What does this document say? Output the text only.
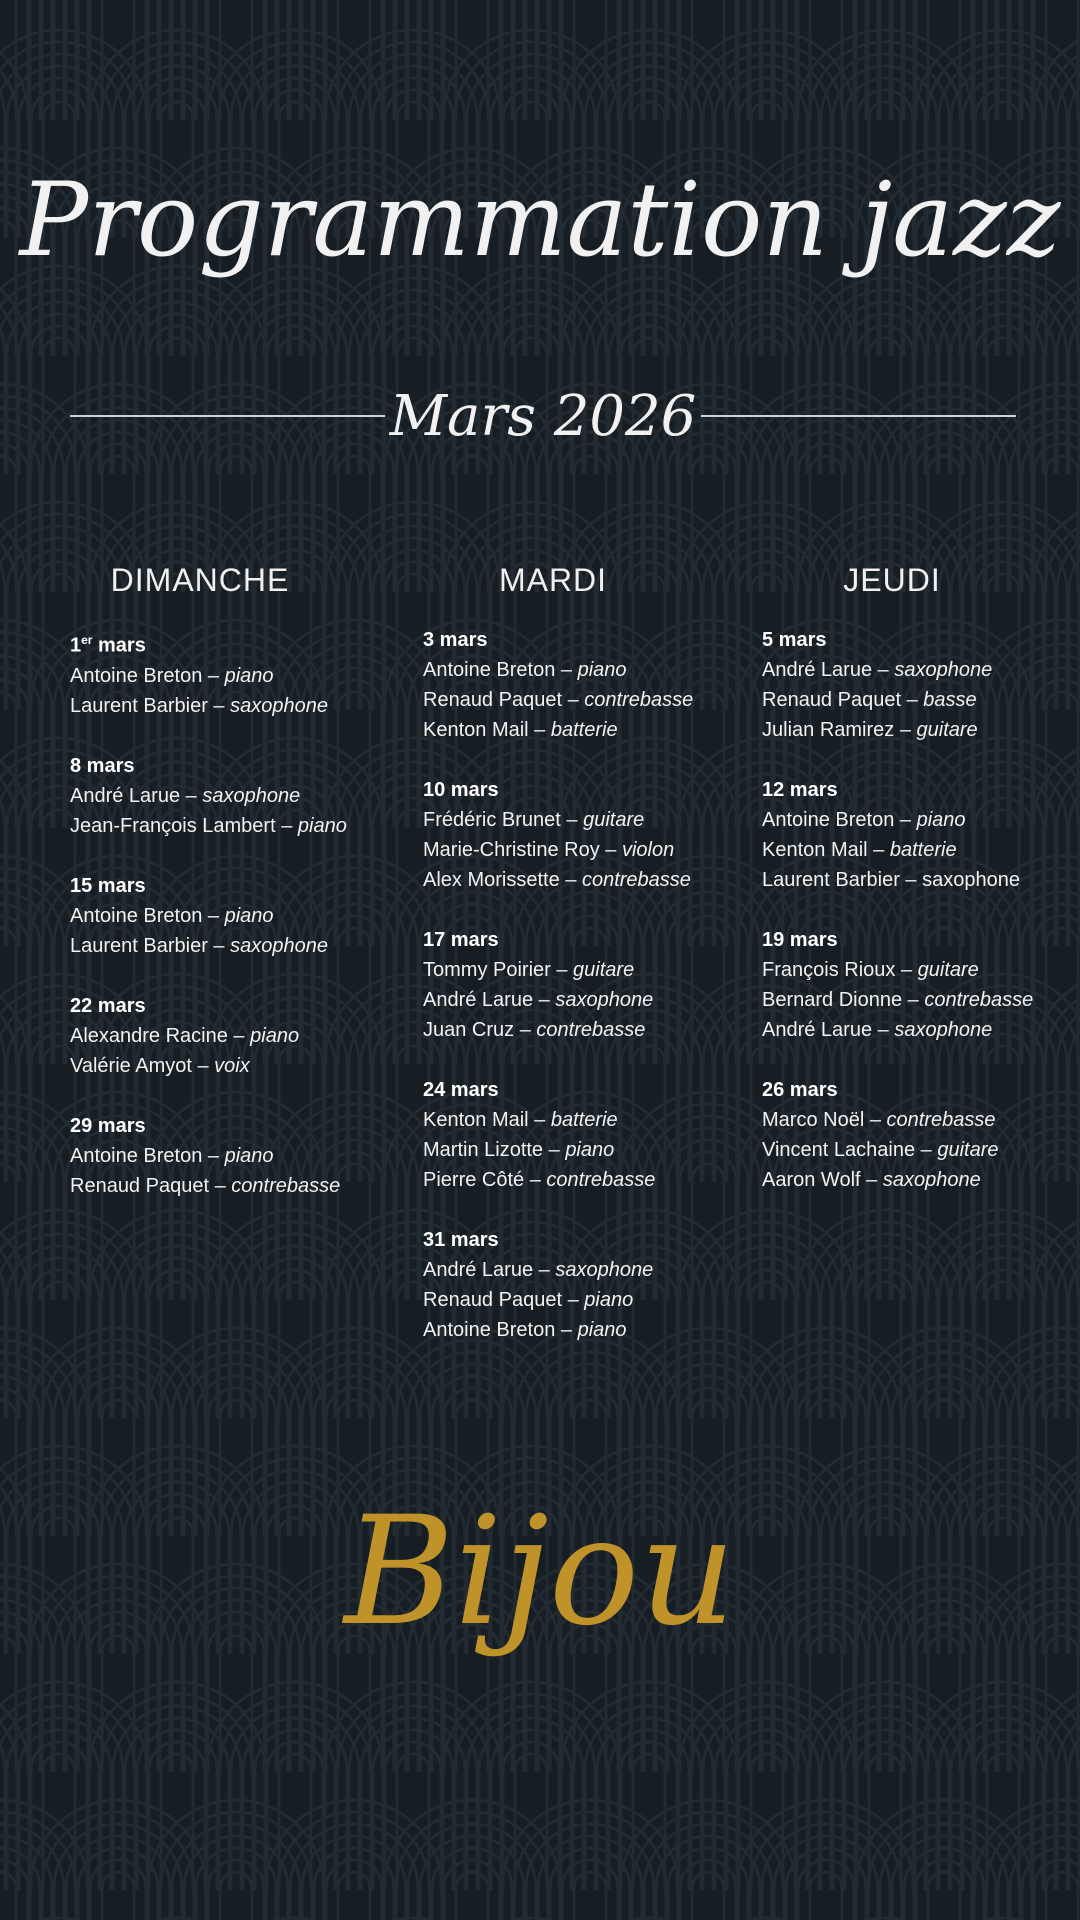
Programmation jazz
Mars 2026
DIMANCHE
1er mars
Antoine Breton – piano
Laurent Barbier – saxophone
8 mars
André Larue – saxophone
Jean-François Lambert – piano
15 mars
Antoine Breton – piano
Laurent Barbier – saxophone
22 mars
Alexandre Racine – piano
Valérie Amyot – voix
29 mars
Antoine Breton – piano
Renaud Paquet – contrebasse
MARDI
3 mars
Antoine Breton – piano
Renaud Paquet – contrebasse
Kenton Mail – batterie
10 mars
Frédéric Brunet – guitare
Marie-Christine Roy – violon
Alex Morissette – contrebasse
17 mars
Tommy Poirier – guitare
André Larue – saxophone
Juan Cruz – contrebasse
24 mars
Kenton Mail – batterie
Martin Lizotte – piano
Pierre Côté – contrebasse
31 mars
André Larue – saxophone
Renaud Paquet – piano
Antoine Breton – piano
JEUDI
5 mars
André Larue – saxophone
Renaud Paquet – basse
Julian Ramirez – guitare
12 mars
Antoine Breton – piano
Kenton Mail – batterie
Laurent Barbier – saxophone
19 mars
François Rioux – guitare
Bernard Dionne – contrebasse
André Larue – saxophone
26 mars
Marco Noël – contrebasse
Vincent Lachaine – guitare
Aaron Wolf – saxophone
Bijou
